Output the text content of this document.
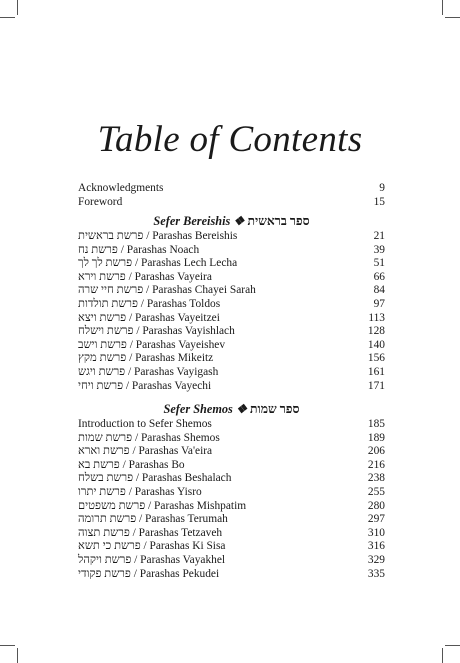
Table of Contents
Acknowledgments	9
Foreword	15
Sefer Bereishis ❖ ספר בראשית
פרשת בראשית / Parashas Bereishis	21
פרשת נח / Parashas Noach	39
פרשת לך לך / Parashas Lech Lecha	51
פרשת וירא / Parashas Vayeira	66
פרשת חיי שרה / Parashas Chayei Sarah	84
פרשת תולדות / Parashas Toldos	97
פרשת ויצא / Parashas Vayeitzei	113
פרשת וישלח / Parashas Vayishlach	128
פרשת וישב / Parashas Vayeishev	140
פרשת מקץ / Parashas Mikeitz	156
פרשת ויגש / Parashas Vayigash	161
פרשת ויחי / Parashas Vayechi	171
Sefer Shemos ❖ ספר שמות
Introduction to Sefer Shemos	185
פרשת שמות / Parashas Shemos	189
פרשת וארא / Parashas Va'eira	206
פרשת בא / Parashas Bo	216
פרשת בשלח / Parashas Beshalach	238
פרשת יתרו / Parashas Yisro	255
פרשת משפטים / Parashas Mishpatim	280
פרשת תרומה / Parashas Terumah	297
פרשת תצוה / Parashas Tetzaveh	310
פרשת כי תשא / Parashas Ki Sisa	316
פרשת ויקהל / Parashas Vayakhel	329
פרשת פקודי / Parashas Pekudei	335
